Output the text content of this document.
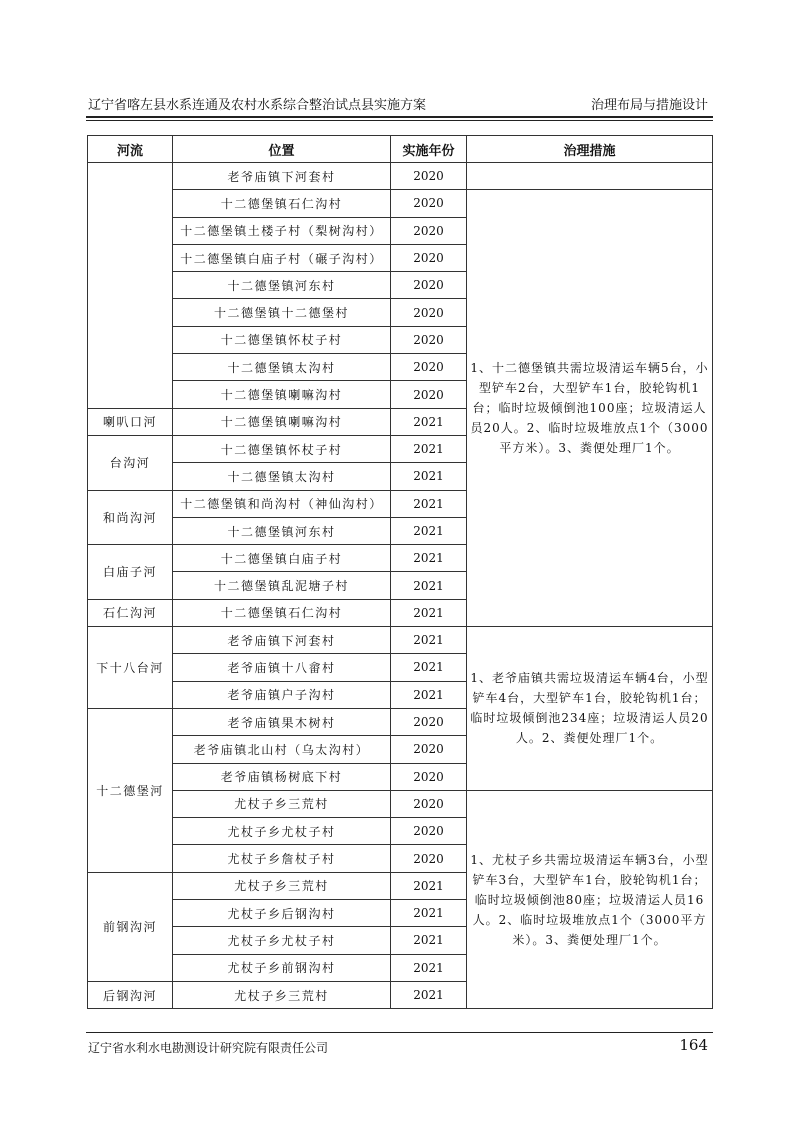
辽宁省喀左县水系连通及农村水系综合整治试点县实施方案	治理布局与措施设计
河流	位置	实施年份	治理措施
	老爷庙镇下河套村	2020	
	十二德堡镇石仁沟村	2020	1、十二德堡镇共需垃圾清运车辆5台，小型铲车2台，大型铲车1台，胶轮钩机1台；临时垃圾倾倒池100座；垃圾清运人员20人。2、临时垃圾堆放点1个（3000平方米）。3、粪便处理厂1个。
	十二德堡镇土楼子村（梨树沟村）	2020	
	十二德堡镇白庙子村（碾子沟村）	2020	
	十二德堡镇河东村	2020	
	十二德堡镇十二德堡村	2020	
	十二德堡镇怀杖子村	2020	
	十二德堡镇太沟村	2020	
	十二德堡镇喇嘛沟村	2020	
喇叭口河	十二德堡镇喇嘛沟村	2021	
台沟河	十二德堡镇怀杖子村	2021	
	十二德堡镇太沟村	2021	
和尚沟河	十二德堡镇和尚沟村（神仙沟村）	2021	
	十二德堡镇河东村	2021	
白庙子河	十二德堡镇白庙子村	2021	
	十二德堡镇乱泥塘子村	2021	
石仁沟河	十二德堡镇石仁沟村	2021	
下十八台河	老爷庙镇下河套村	2021	1、老爷庙镇共需垃圾清运车辆4台，小型铲车4台，大型铲车1台，胶轮钩机1台；临时垃圾倾倒池234座；垃圾清运人员20人。2、粪便处理厂1个。
	老爷庙镇十八畲村	2021	
	老爷庙镇户子沟村	2021	
十二德堡河	老爷庙镇果木树村	2020	
	老爷庙镇北山村（乌太沟村）	2020	
	老爷庙镇杨树底下村	2020	
	尤杖子乡三荒村	2020	1、尤杖子乡共需垃圾清运车辆3台，小型铲车3台，大型铲车1台，胶轮钩机1台；临时垃圾倾倒池80座；垃圾清运人员16人。2、临时垃圾堆放点1个（3000平方米）。3、粪便处理厂1个。
	尤杖子乡尤杖子村	2020	
	尤杖子乡詹杖子村	2020	
前钢沟河	尤杖子乡三荒村	2021	
	尤杖子乡后钢沟村	2021	
	尤杖子乡尤杖子村	2021	
	尤杖子乡前钢沟村	2021	
后钢沟河	尤杖子乡三荒村	2021	
辽宁省水利水电勘测设计研究院有限责任公司	164
